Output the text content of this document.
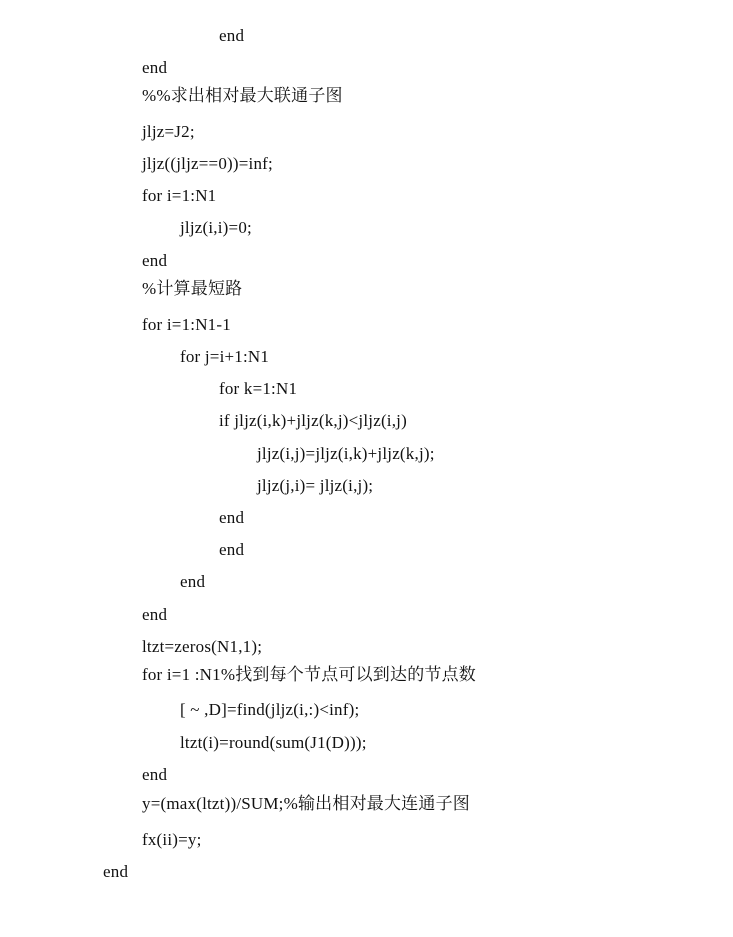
end
end
%%求出相对最大联通子图
jljz=J2;
jljz((jljz==0))=inf;
for i=1:N1
jljz(i,i)=0;
end
%计算最短路
for i=1:N1-1
for j=i+1:N1
for k=1:N1
if jljz(i,k)+jljz(k,j)<jljz(i,j)
jljz(i,j)=jljz(i,k)+jljz(k,j);
jljz(j,i)= jljz(i,j);
end
end
end
end
ltzt=zeros(N1,1);
for i=1 :N1%找到每个节点可以到达的节点数
[ ~ ,D]=find(jljz(i,:)<inf);
ltzt(i)=round(sum(J1(D)));
end
y=(max(ltzt))/SUM;%输出相对最大连通子图
fx(ii)=y;
end
